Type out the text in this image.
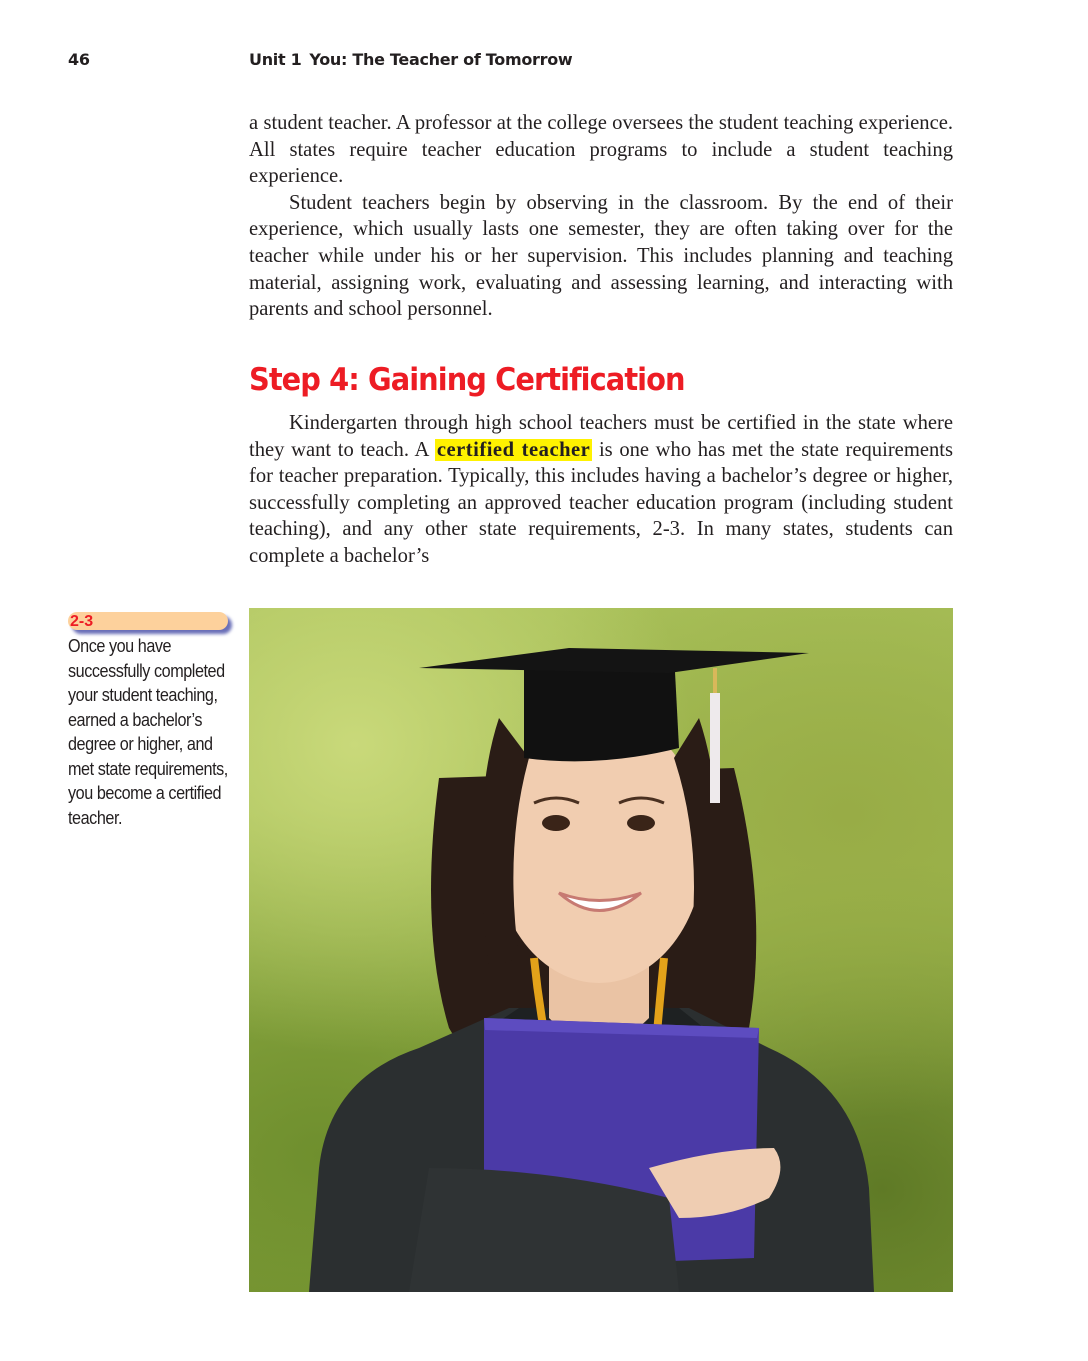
46	Unit 1 You: The Teacher of Tomorrow

a student teacher. A professor at the college oversees the student teaching experience. All states require teacher education programs to include a student teaching experience.

Student teachers begin by observing in the classroom. By the end of their experience, which usually lasts one semester, they are often taking over for the teacher while under his or her supervision. This includes planning and teaching material, assigning work, evaluating and assessing learning, and interacting with parents and school personnel.

Step 4: Gaining Certification

Kindergarten through high school teachers must be certified in the state where they want to teach. A certified teacher is one who has met the state requirements for teacher preparation. Typically, this includes having a bachelor’s degree or higher, successfully completing an approved teacher education program (including student teaching), and any other state requirements, 2-3. In many states, students can complete a bachelor’s

2-3
Once you have successfully completed your student teaching, earned a bachelor’s degree or higher, and met state requirements, you become a certified teacher.
